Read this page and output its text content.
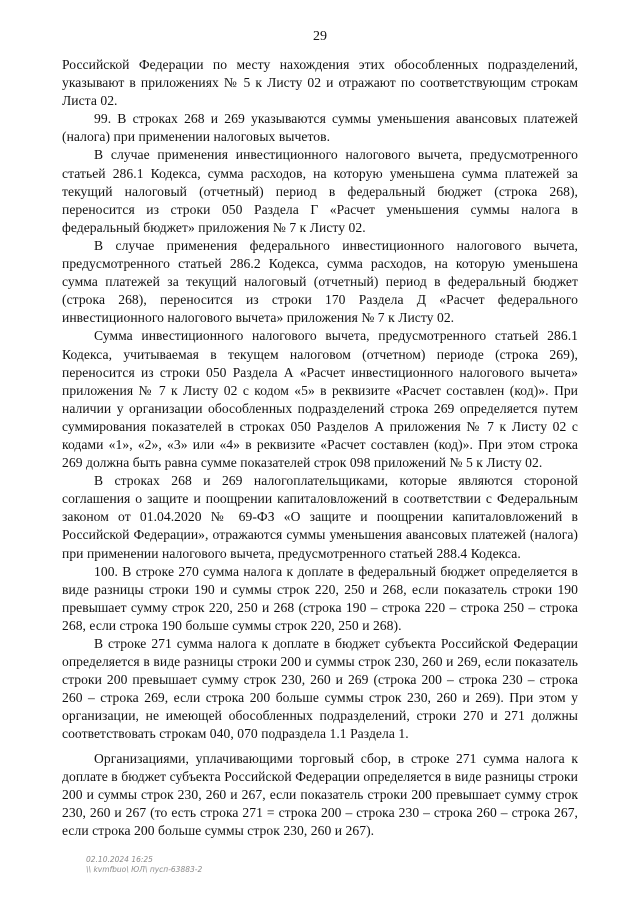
29

Российской Федерации по месту нахождения этих обособленных подразделений, указывают в приложениях № 5 к Листу 02 и отражают по соответствующим строкам Листа 02.

99. В строках 268 и 269 указываются суммы уменьшения авансовых платежей (налога) при применении налоговых вычетов.

В случае применения инвестиционного налогового вычета, предусмотренного статьей 286.1 Кодекса, сумма расходов, на которую уменьшена сумма платежей за текущий налоговый (отчетный) период в федеральный бюджет (строка 268), переносится из строки 050 Раздела Г «Расчет уменьшения суммы налога в федеральный бюджет» приложения № 7 к Листу 02.

В случае применения федерального инвестиционного налогового вычета, предусмотренного статьей 286.2 Кодекса, сумма расходов, на которую уменьшена сумма платежей за текущий налоговый (отчетный) период в федеральный бюджет (строка 268), переносится из строки 170 Раздела Д «Расчет федерального инвестиционного налогового вычета» приложения № 7 к Листу 02.

Сумма инвестиционного налогового вычета, предусмотренного статьей 286.1 Кодекса, учитываемая в текущем налоговом (отчетном) периоде (строка 269), переносится из строки 050 Раздела А «Расчет инвестиционного налогового вычета» приложения № 7 к Листу 02 с кодом «5» в реквизите «Расчет составлен (код)». При наличии у организации обособленных подразделений строка 269 определяется путем суммирования показателей в строках 050 Разделов А приложения № 7 к Листу 02 с кодами «1», «2», «3» или «4» в реквизите «Расчет составлен (код)». При этом строка 269 должна быть равна сумме показателей строк 098 приложений № 5 к Листу 02.

В строках 268 и 269 налогоплательщиками, которые являются стороной соглашения о защите и поощрении капиталовложений в соответствии с Федеральным законом от 01.04.2020 № 69-ФЗ «О защите и поощрении капиталовложений в Российской Федерации», отражаются суммы уменьшения авансовых платежей (налога) при применении налогового вычета, предусмотренного статьей 288.4 Кодекса.

100. В строке 270 сумма налога к доплате в федеральный бюджет определяется в виде разницы строки 190 и суммы строк 220, 250 и 268, если показатель строки 190 превышает сумму строк 220, 250 и 268 (строка 190 – строка 220 – строка 250 – строка 268, если строка 190 больше суммы строк 220, 250 и 268).

В строке 271 сумма налога к доплате в бюджет субъекта Российской Федерации определяется в виде разницы строки 200 и суммы строк 230, 260 и 269, если показатель строки 200 превышает сумму строк 230, 260 и 269 (строка 200 – строка 230 – строка 260 – строка 269, если строка 200 больше суммы строк 230, 260 и 269). При этом у организации, не имеющей обособленных подразделений, строки 270 и 271 должны соответствовать строкам 040, 070 подраздела 1.1 Раздела 1.

Организациями, уплачивающими торговый сбор, в строке 271 сумма налога к доплате в бюджет субъекта Российской Федерации определяется в виде разницы строки 200 и суммы строк 230, 260 и 267, если показатель строки 200 превышает сумму строк 230, 260 и 267 (то есть строка 271 = строка 200 – строка 230 – строка 260 – строка 267, если строка 200 больше суммы строк 230, 260 и 267).

02.10.2024 16:25
\\ kvmfbuo\ ЮЛ\ пусп-63883-2
